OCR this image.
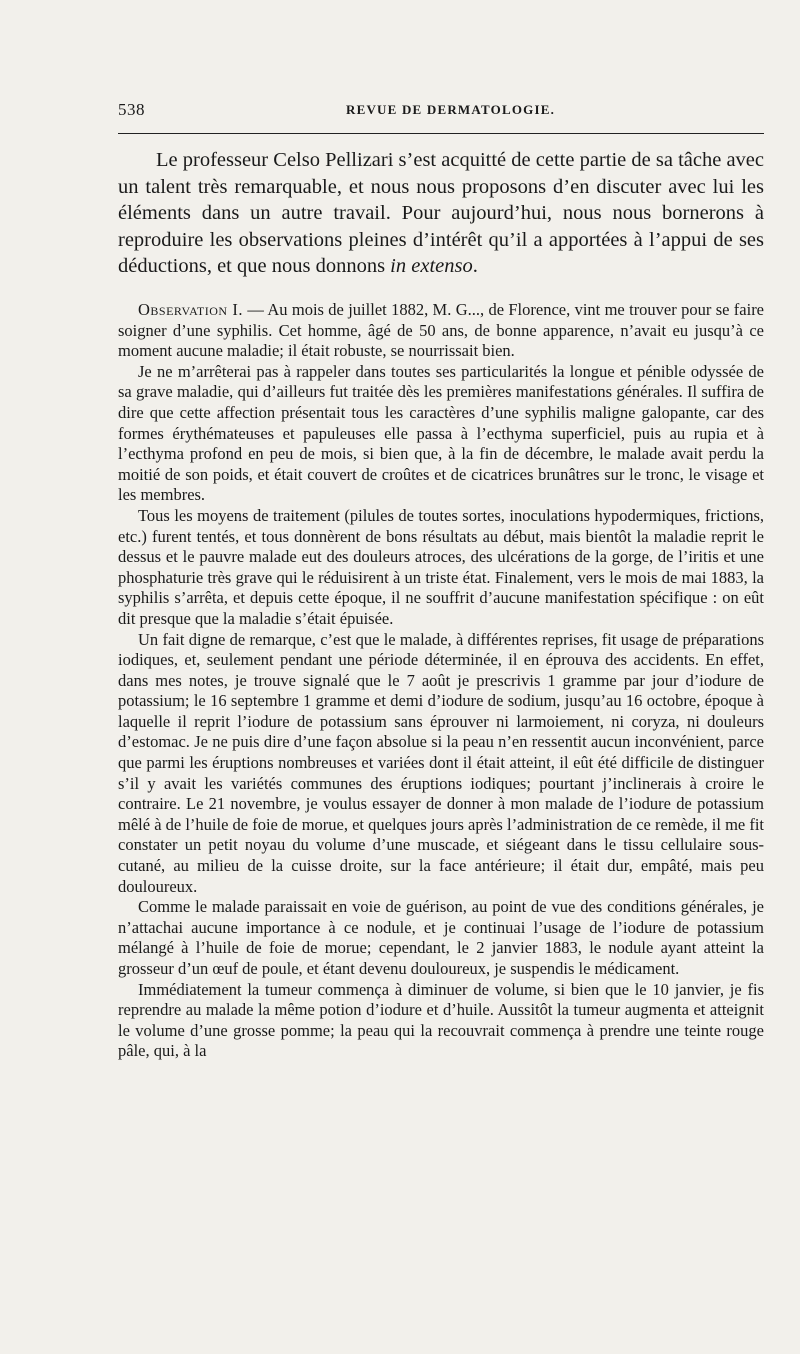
538	REVUE DE DERMATOLOGIE.

Le professeur Celso Pellizari s’est acquitté de cette partie de sa tâche avec un talent très remarquable, et nous nous proposons d’en discuter avec lui les éléments dans un autre travail. Pour aujourd’hui, nous nous bornerons à reproduire les observations pleines d’intérêt qu’il a apportées à l’appui de ses déductions, et que nous donnons in extenso.

Observation I. — Au mois de juillet 1882, M. G..., de Florence, vint me trouver pour se faire soigner d’une syphilis. Cet homme, âgé de 50 ans, de bonne apparence, n’avait eu jusqu’à ce moment aucune maladie; il était robuste, se nourrissait bien.

Je ne m’arrêterai pas à rappeler dans toutes ses particularités la longue et pénible odyssée de sa grave maladie, qui d’ailleurs fut traitée dès les premières manifestations générales. Il suffira de dire que cette affection présentait tous les caractères d’une syphilis maligne galopante, car des formes érythémateuses et papuleuses elle passa à l’ecthyma superficiel, puis au rupia et à l’ecthyma profond en peu de mois, si bien que, à la fin de décembre, le malade avait perdu la moitié de son poids, et était couvert de croûtes et de cicatrices brunâtres sur le tronc, le visage et les membres.

Tous les moyens de traitement (pilules de toutes sortes, inoculations hypodermiques, frictions, etc.) furent tentés, et tous donnèrent de bons résultats au début, mais bientôt la maladie reprit le dessus et le pauvre malade eut des douleurs atroces, des ulcérations de la gorge, de l’iritis et une phosphaturie très grave qui le réduisirent à un triste état. Finalement, vers le mois de mai 1883, la syphilis s’arrêta, et depuis cette époque, il ne souffrit d’aucune manifestation spécifique : on eût dit presque que la maladie s’était épuisée.

Un fait digne de remarque, c’est que le malade, à différentes reprises, fit usage de préparations iodiques, et, seulement pendant une période déterminée, il en éprouva des accidents. En effet, dans mes notes, je trouve signalé que le 7 août je prescrivis 1 gramme par jour d’iodure de potassium; le 16 septembre 1 gramme et demi d’iodure de sodium, jusqu’au 16 octobre, époque à laquelle il reprit l’iodure de potassium sans éprouver ni larmoiement, ni coryza, ni douleurs d’estomac. Je ne puis dire d’une façon absolue si la peau n’en ressentit aucun inconvénient, parce que parmi les éruptions nombreuses et variées dont il était atteint, il eût été difficile de distinguer s’il y avait les variétés communes des éruptions iodiques; pourtant j’inclinerais à croire le contraire. Le 21 novembre, je voulus essayer de donner à mon malade de l’iodure de potassium mêlé à de l’huile de foie de morue, et quelques jours après l’administration de ce remède, il me fit constater un petit noyau du volume d’une muscade, et siégeant dans le tissu cellulaire sous-cutané, au milieu de la cuisse droite, sur la face antérieure; il était dur, empâté, mais peu douloureux.

Comme le malade paraissait en voie de guérison, au point de vue des conditions générales, je n’attachai aucune importance à ce nodule, et je continuai l’usage de l’iodure de potassium mélangé à l’huile de foie de morue; cependant, le 2 janvier 1883, le nodule ayant atteint la grosseur d’un œuf de poule, et étant devenu douloureux, je suspendis le médicament.

Immédiatement la tumeur commença à diminuer de volume, si bien que le 10 janvier, je fis reprendre au malade la même potion d’iodure et d’huile. Aussitôt la tumeur augmenta et atteignit le volume d’une grosse pomme; la peau qui la recouvrait commença à prendre une teinte rouge pâle, qui, à la
